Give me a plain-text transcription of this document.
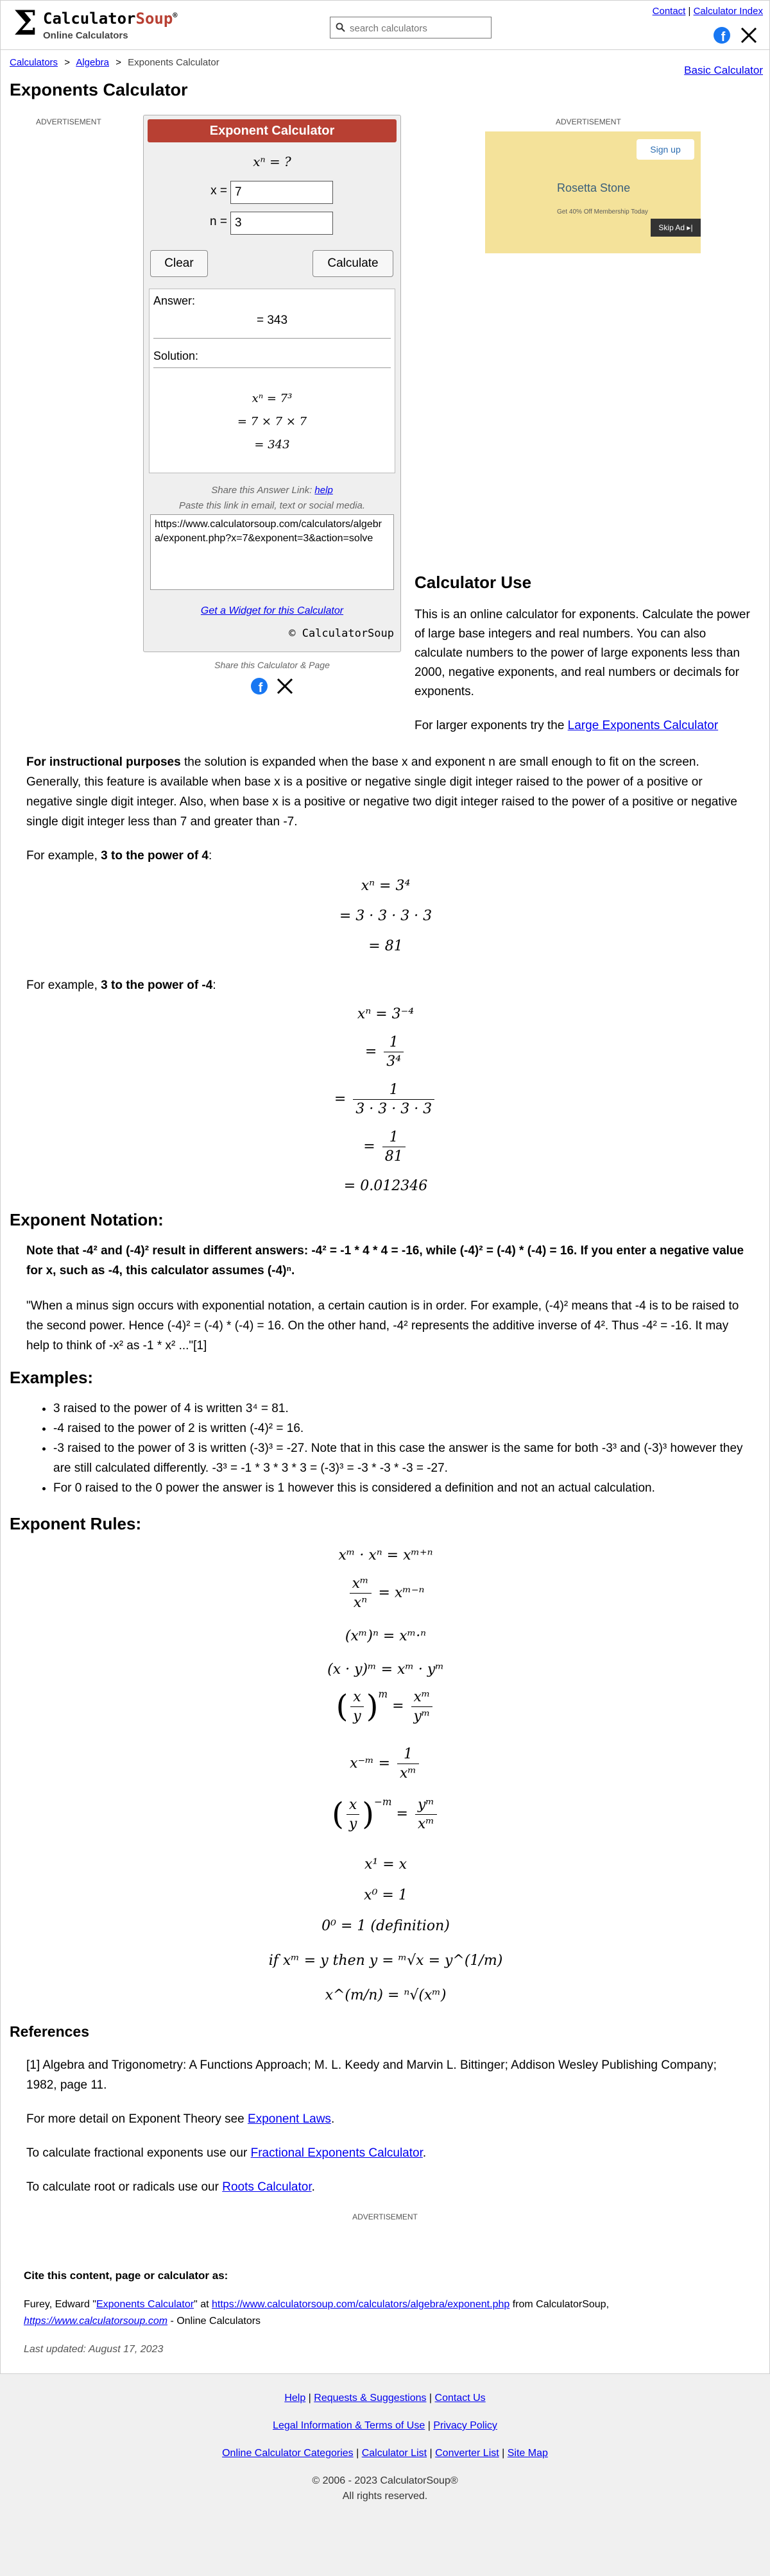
Σ CalculatorSoup®
Online Calculators
search calculators
Contact | Calculator Index
f
Calculators > Algebra > Exponents Calculator
Basic Calculator
Exponents Calculator
ADVERTISEMENT	ADVERTISEMENT
Sign up
Rosetta Stone
Get 40% Off Membership Today
Skip Ad ▸|
Exponent Calculator
xⁿ = ?
x =
7
n =
3
Clear	Calculate
Answer:
= 343
Solution:
xⁿ = 7³
= 7 × 7 × 7
= 343
Share this Answer Link: help
Paste this link in email, text or social media.
https://www.calculatorsoup.com/calculators/algebra/exponent.php?x=7&exponent=3&action=solve
Get a Widget for this Calculator
© CalculatorSoup
Share this Calculator & Page
f
Calculator Use
This is an online calculator for exponents. Calculate the power of large base integers and real numbers. You can also calculate numbers to the power of large exponents less than 2000, negative exponents, and real numbers or decimals for exponents.
For larger exponents try the Large Exponents Calculator
For instructional purposes the solution is expanded when the base x and exponent n are small enough to fit on the screen. Generally, this feature is available when base x is a positive or negative single digit integer raised to the power of a positive or negative single digit integer. Also, when base x is a positive or negative two digit integer raised to the power of a positive or negative single digit integer less than 7 and greater than -7.
For example, 3 to the power of 4:
xⁿ = 3⁴
= 3 · 3 · 3 · 3
= 81
For example, 3 to the power of -4:
xⁿ = 3⁻⁴
= $\frac{1}{\text{3⁴}}$
= $\frac{1}{3 \cdot 3 \cdot 3 \cdot 3}$
= $\frac{1}{81}$
= 0.012346
Exponent Notation:
Note that -4² and (-4)² result in different answers: -4² = -1 * 4 * 4 = -16, while (-4)² = (-4) * (-4) = 16. If you enter a negative value for x, such as -4, this calculator assumes (-4)ⁿ.
"When a minus sign occurs with exponential notation, a certain caution is in order. For example, (-4)² means that -4 is to be raised to the second power. Hence (-4)² = (-4) * (-4) = 16. On the other hand, -4² represents the additive inverse of 4². Thus -4² = -16. It may help to think of -x² as -1 * x² ..."[1]
Examples:
• 3 raised to the power of 4 is written 3⁴ = 81.
• -4 raised to the power of 2 is written (-4)² = 16.
• -3 raised to the power of 3 is written (-3)³ = -27. Note that in this case the answer is the same for both -3³ and (-3)³ however they are still calculated differently. -3³ = -1 * 3 * 3 * 3 = (-3)³ = -3 * -3 * -3 = -27.
• For 0 raised to the 0 power the answer is 1 however this is considered a definition and not an actual calculation.
Exponent Rules:
xᵐ · xⁿ = xᵐ⁺ⁿ
$\frac{\text{xᵐ}}{\text{xⁿ}}$ = xᵐ⁻ⁿ
(xᵐ)ⁿ = xᵐ·ⁿ
(x · y)ᵐ = xᵐ · yᵐ
( $\frac{x}{y} )^m = \frac{\text{xᵐ}}{\text{yᵐ}}$
x⁻ᵐ = $\frac{1}{\text{xᵐ}}$
( $\frac{x}{y} )^{-m} = \frac{\text{yᵐ}}{\text{xᵐ}}$
x¹ = x
x⁰ = 1
0⁰ = 1 (definition)
if xᵐ = y then y = ᵐ√x = y^(1/m)
x^(m/n) = ⁿ√(xᵐ)
References
[1] Algebra and Trigonometry: A Functions Approach; M. L. Keedy and Marvin L. Bittinger; Addison Wesley Publishing Company; 1982, page 11.
For more detail on Exponent Theory see Exponent Laws.
To calculate fractional exponents use our Fractional Exponents Calculator.
To calculate root or radicals use our Roots Calculator.
ADVERTISEMENT
Cite this content, page or calculator as:
Furey, Edward "Exponents Calculator" at https://www.calculatorsoup.com/calculators/algebra/exponent.php from CalculatorSoup,
https://www.calculatorsoup.com - Online Calculators
Last updated: August 17, 2023
Help | Requests & Suggestions | Contact Us
Legal Information & Terms of Use | Privacy Policy
Online Calculator Categories | Calculator List | Converter List | Site Map
© 2006 - 2023 CalculatorSoup®
All rights reserved.
